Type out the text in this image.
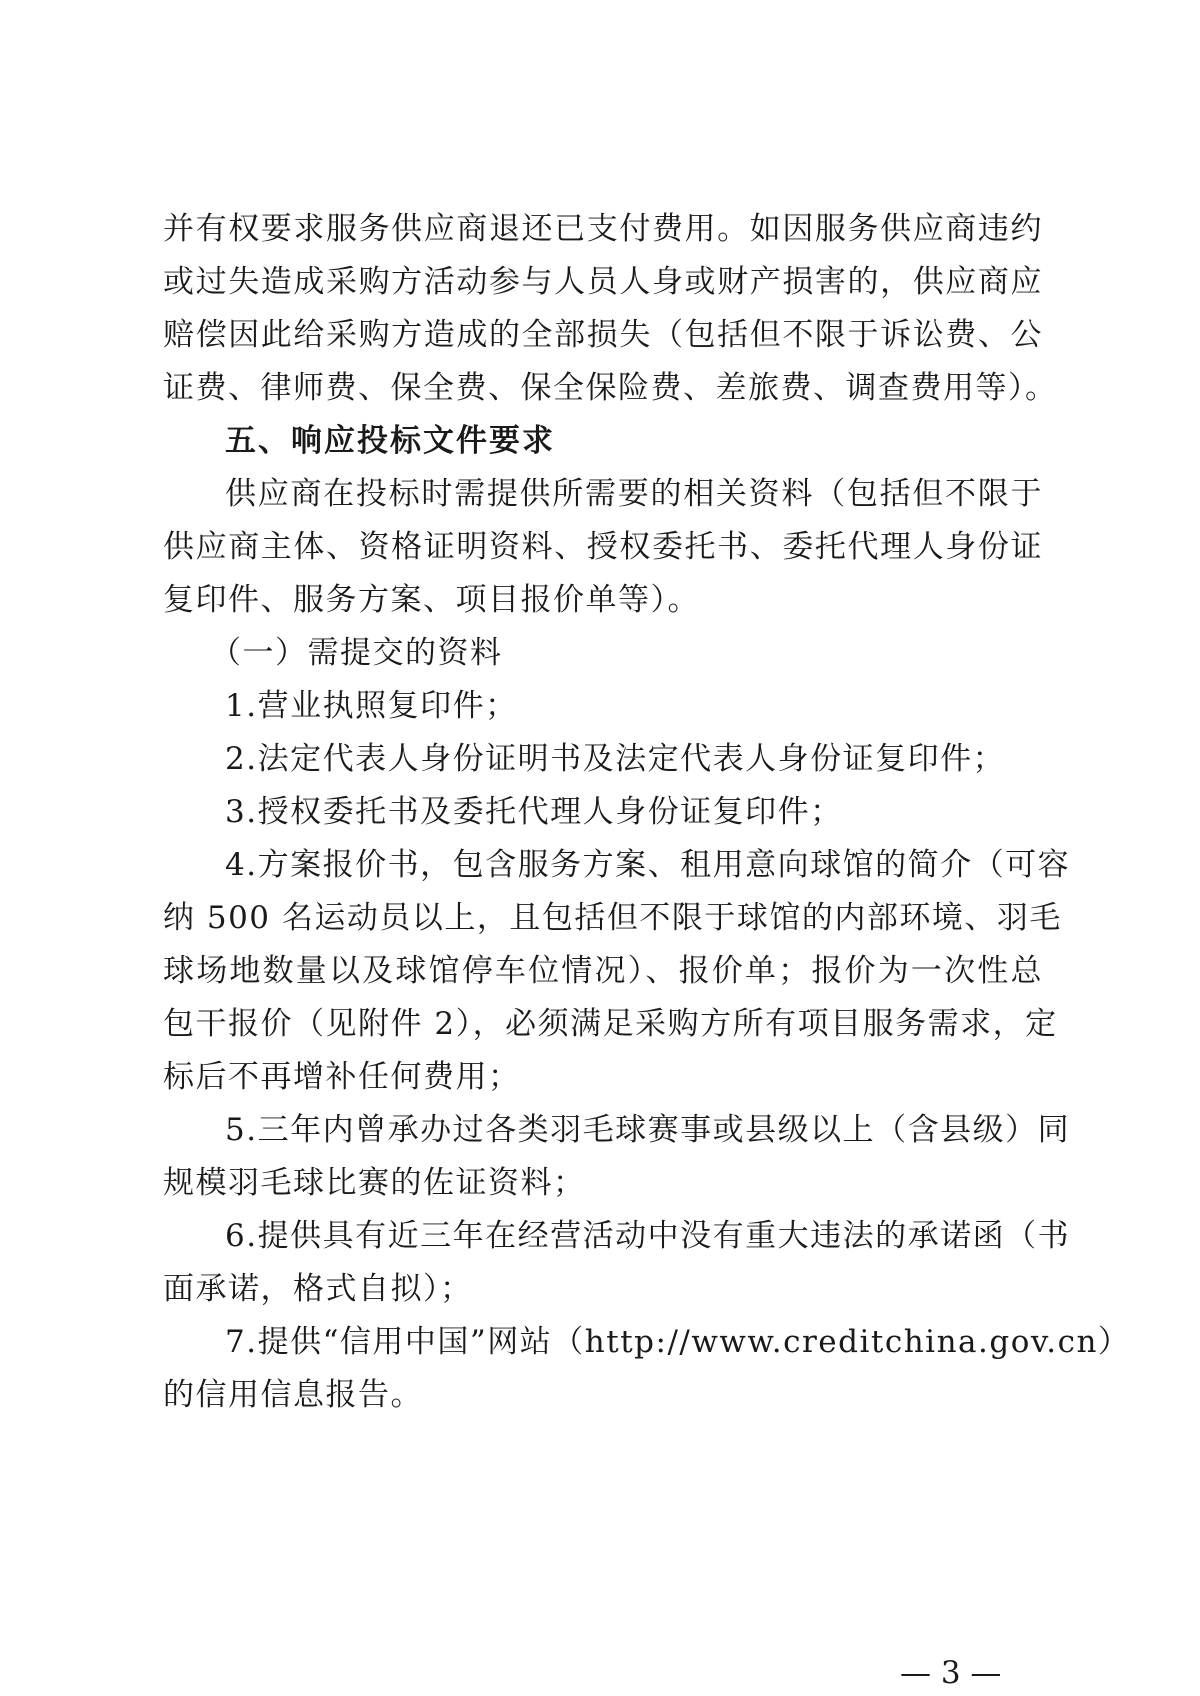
并有权要求服务供应商退还已支付费用。如因服务供应商违约
或过失造成采购方活动参与人员人身或财产损害的，供应商应
赔偿因此给采购方造成的全部损失（包括但不限于诉讼费、公
证费、律师费、保全费、保全保险费、差旅费、调查费用等）。
五、响应投标文件要求
供应商在投标时需提供所需要的相关资料（包括但不限于
供应商主体、资格证明资料、授权委托书、委托代理人身份证
复印件、服务方案、项目报价单等）。
（一）需提交的资料
1.营业执照复印件；
2.法定代表人身份证明书及法定代表人身份证复印件；
3.授权委托书及委托代理人身份证复印件；
4.方案报价书，包含服务方案、租用意向球馆的简介（可容
纳 500 名运动员以上，且包括但不限于球馆的内部环境、羽毛
球场地数量以及球馆停车位情况）、报价单；报价为一次性总
包干报价（见附件 2），必须满足采购方所有项目服务需求，定
标后不再增补任何费用；
5.三年内曾承办过各类羽毛球赛事或县级以上（含县级）同
规模羽毛球比赛的佐证资料；
6.提供具有近三年在经营活动中没有重大违法的承诺函（书
面承诺，格式自拟）；
7.提供“信用中国”网站（http://www.creditchina.gov.cn）
的信用信息报告。
— 3 —
